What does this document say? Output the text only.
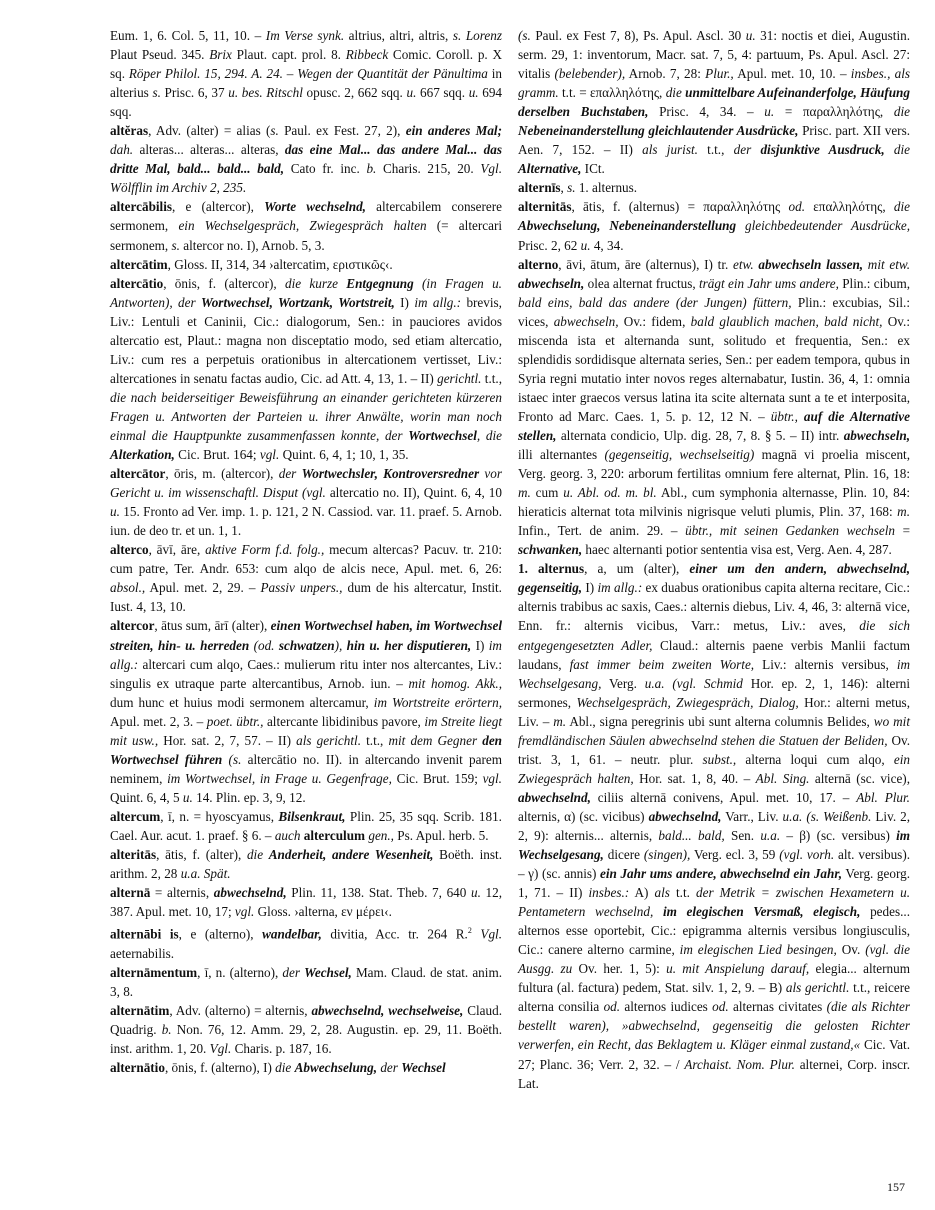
Eum. 1, 6. Col. 5, 11, 10. – Im Verse synk. altrius, altri, altris, s. Lorenz Plaut Pseud. 345. Brix Plaut. capt. prol. 8. Ribbeck Comic. Coroll. p. X sq. Röper Philol. 15, 294. A. 24. – Wegen der Quantität der Pänultima in alterius s. Prisc. 6, 37 u. bes. Ritschl opusc. 2, 662 sqq. u. 667 sqq. u. 694 sqq.

altĕras, Adv. (alter) = alias (s. Paul. ex Fest. 27, 2), ein anderes Mal; dah. alteras... alteras... alteras, das eine Mal... das andere Mal... das dritte Mal, bald... bald... bald, Cato fr. inc. b. Charis. 215, 20. Vgl. Wölfflin im Archiv 2, 235.

altercābilis, e (altercor), Worte wechselnd, altercabilem conserere sermonem, ein Wechselgespräch, Zwiegespräch halten (= altercari sermonem, s. altercor no. I), Arnob. 5, 3.

altercātim, Gloss. II, 314, 34 ›altercatim, εριστικῶς‹.

altercātio, ōnis, f. (altercor), die kurze Entgegnung (in Fragen u. Antworten), der Wortwechsel, Wortzank, Wortstreit, I) im allg.: brevis, Liv.: Lentuli et Caninii, Cic.: dialogorum, Sen.: in pauciores avidos altercatio est, Plaut.: magna non disceptatio modo, sed etiam altercatio, Liv.: cum res a perpetuis orationibus in altercationem vertisset, Liv.: altercationes in senatu factas audio, Cic. ad Att. 4, 13, 1. – II) gerichtl. t.t., die nach beiderseitiger Beweisführung an einander gerichteten kürzeren Fragen u. Antworten der Parteien u. ihrer Anwälte, worin man noch einmal die Hauptpunkte zusammenfassen konnte, der Wortwechsel, die Alterkation, Cic. Brut. 164; vgl. Quint. 6, 4, 1; 10, 1, 35.

altercātor, ōris, m. (altercor), der Wortwechsler, Kontroversredner vor Gericht u. im wissenschaftl. Disput (vgl. altercatio no. II), Quint. 6, 4, 10 u. 15. Fronto ad Ver. imp. 1. p. 121, 2 N. Cassiod. var. 11. praef. 5. Arnob. iun. de deo tr. et un. 1, 1.

alterco, āvī, āre, aktive Form f.d. folg., mecum altercas? Pacuv. tr. 210: cum patre, Ter. Andr. 653: cum alqo de alcis nece, Apul. met. 6, 26: absol., Apul. met. 2, 29. – Passiv unpers., dum de his altercatur, Instit. Iust. 4, 13, 10.

altercor, ātus sum, ārī (alter), einen Wortwechsel haben, im Wortwechsel streiten, hin- u. herreden (od. schwatzen), hin u. her disputieren, I) im allg.: altercari cum alqo, Caes.: mulierum ritu inter nos altercantes, Liv.: singulis ex utraque parte altercantibus, Arnob. iun. – mit homog. Akk., dum hunc et huius modi sermonem altercamur, im Wortstreite erörtern, Apul. met. 2, 3. – poet. übtr., altercante libidinibus pavore, im Streite liegt mit usw., Hor. sat. 2, 7, 57. – II) als gerichtl. t.t., mit dem Gegner den Wortwechsel führen (s. altercātio no. II). in altercando invenit parem neminem, im Wortwechsel, in Frage u. Gegenfrage, Cic. Brut. 159; vgl. Quint. 6, 4, 5 u. 14. Plin. ep. 3, 9, 12.

altercum, ī, n. = hyoscyamus, Bilsenkraut, Plin. 25, 35 sqq. Scrib. 181. Cael. Aur. acut. 1. praef. § 6. – auch alterculum gen., Ps. Apul. herb. 5.

alteritās, ātis, f. (alter), die Anderheit, andere Wesenheit, Boëth. inst. arithm. 2, 28 u.a. Spät.

alternā = alternis, abwechselnd, Plin. 11, 138. Stat. Theb. 7, 640 u. 12, 387. Apul. met. 10, 17; vgl. Gloss. ›alterna, εν μέρει‹.

alternābi is, e (alterno), wandelbar, divitia, Acc. tr. 264 R.$^2$ Vgl. aeternabilis.

alternāmentum, ī, n. (alterno), der Wechsel, Mam. Claud. de stat. anim. 3, 8.

alternātim, Adv. (alterno) = alternis, abwechselnd, wechselweise, Claud. Quadrig. b. Non. 76, 12. Amm. 29, 2, 28. Augustin. ep. 29, 11. Boëth. inst. arithm. 1, 20. Vgl. Charis. p. 187, 16.

alternātio, ōnis, f. (alterno), I) die Abwechselung, der Wechsel

(s. Paul. ex Fest 7, 8), Ps. Apul. Ascl. 30 u. 31: noctis et diei, Augustin. serm. 29, 1: inventorum, Macr. sat. 7, 5, 4: partuum, Ps. Apul. Ascl. 27: vitalis (belebender), Arnob. 7, 28: Plur., Apul. met. 10, 10. – insbes., als gramm. t.t. = επαλληλότης, die unmittelbare Aufeinanderfolge, Häufung derselben Buchstaben, Prisc. 4, 34. – u. = παραλληλότης, die Nebeneinanderstellung gleichlautender Ausdrücke, Prisc. part. XII vers. Aen. 7, 152. – II) als jurist. t.t., der disjunktive Ausdruck, die Alternative, ICt.

alternīs, s. 1. alternus.

alternitās, ātis, f. (alternus) = παραλληλότης od. επαλληλότης, die Abwechselung, Nebeneinanderstellung gleichbedeutender Ausdrücke, Prisc. 2, 62 u. 4, 34.

alterno, āvi, ātum, āre (alternus), I) tr. etw. abwechseln lassen, mit etw. abwechseln, olea alternat fructus, trägt ein Jahr ums andere, Plin.: cibum, bald eins, bald das andere (der Jungen) füttern, Plin.: excubias, Sil.: vices, abwechseln, Ov.: fidem, bald glaublich machen, bald nicht, Ov.: miscenda ista et alternanda sunt, solitudo et frequentia, Sen.: ex splendidis sordidisque alternata series, Sen.: per eadem tempora, qubus in Syria regni mutatio inter novos reges alternabatur, Iustin. 36, 4, 1: omnia istaec inter graecos versus latina ita scite alternata sunt a te et interposita, Fronto ad Marc. Caes. 1, 5. p. 12, 12 N. – übtr., auf die Alternative stellen, alternata condicio, Ulp. dig. 28, 7, 8. § 5. – II) intr. abwechseln, illi alternantes (gegenseitig, wechselseitig) magnā vi proelia miscent, Verg. georg. 3, 220: arborum fertilitas omnium fere alternat, Plin. 16, 18: m. cum u. Abl. od. m. bl. Abl., cum symphonia alternasse, Plin. 10, 84: hieraticis alternat tota milvinis nigrisque veluti plumis, Plin. 37, 168: m. Infin., Tert. de anim. 29. – übtr., mit seinen Gedanken wechseln = schwanken, haec alternanti potior sententia visa est, Verg. Aen. 4, 287.

1. alternus, a, um (alter), einer um den andern, abwechselnd, gegenseitig, I) im allg.: ex duabus orationibus capita alterna recitare, Cic.: alternis trabibus ac saxis, Caes.: alternis diebus, Liv. 4, 46, 3: alternā vice, Enn. fr.: alternis vicibus, Varr.: metus, Liv.: aves, die sich entgegengesetzten Adler, Claud.: alternis paene verbis Manlii factum laudans, fast immer beim zweiten Worte, Liv.: alternis versibus, im Wechselgesang, Verg. u.a. (vgl. Schmid Hor. ep. 2, 1, 146): alterni sermones, Wechselgespräch, Zwiegespräch, Dialog, Hor.: alterni metus, Liv. – m. Abl., signa peregrinis ubi sunt alterna columnis Belides, wo mit fremdländischen Säulen abwechselnd stehen die Statuen der Beliden, Ov. trist. 3, 1, 61. – neutr. plur. subst., alterna loqui cum alqo, ein Zwiegespräch halten, Hor. sat. 1, 8, 40. – Abl. Sing. alternā (sc. vice), abwechselnd, ciliis alternā conivens, Apul. met. 10, 17. – Abl. Plur. alternis, α) (sc. vicibus) abwechselnd, Varr., Liv. u.a. (s. Weißenb. Liv. 2, 2, 9): alternis... alternis, bald... bald, Sen. u.a. – β) (sc. versibus) im Wechselgesang, dicere (singen), Verg. ecl. 3, 59 (vgl. vorh. alt. versibus). – γ) (sc. annis) ein Jahr ums andere, abwechselnd ein Jahr, Verg. georg. 1, 71. – II) insbes.: A) als t.t. der Metrik = zwischen Hexametern u. Pentametern wechselnd, im elegischen Versmaß, elegisch, pedes... alternos esse oportebit, Cic.: epigramma alternis versibus longiusculis, Cic.: canere alterno carmine, im elegischen Lied besingen, Ov. (vgl. die Ausgg. zu Ov. her. 1, 5): u. mit Anspielung darauf, elegia... alternum fultura (al. factura) pedem, Stat. silv. 1, 2, 9. – B) als gerichtl. t.t., reicere alterna consilia od. alternos iudices od. alternas civitates (die als Richter bestellt waren), »abwechselnd, gegenseitig die gelosten Richter verwerfen, ein Recht, das Beklagtem u. Kläger einmal zustand,« Cic. Vat. 27; Planc. 36; Verr. 2, 32. – / Archaist. Nom. Plur. alternei, Corp. inscr. Lat.

157
